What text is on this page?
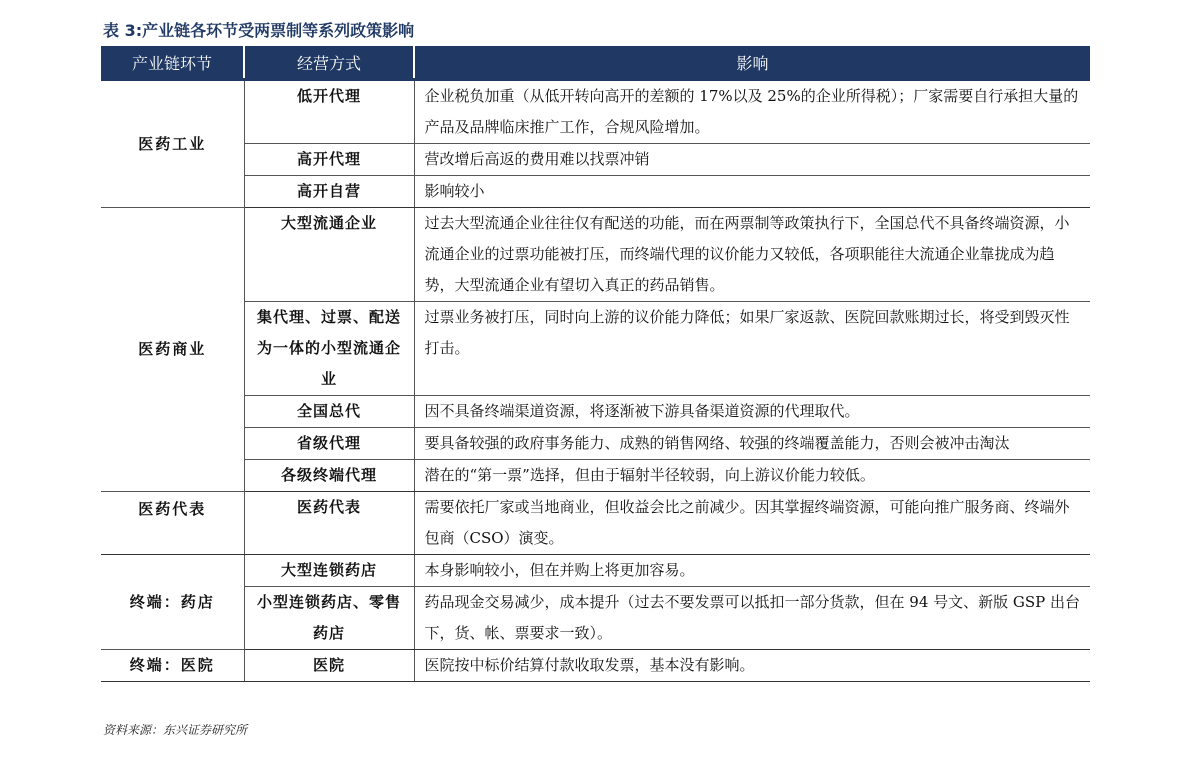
表 3:产业链各环节受两票制等系列政策影响
产业链环节	经营方式	影响
医药工业	低开代理	企业税负加重（从低开转向高开的差额的 17%以及 25%的企业所得税）；厂家需要自行承担大量的产品及品牌临床推广工作，合规风险增加。
	高开代理	营改增后高返的费用难以找票冲销
	高开自营	影响较小
医药商业	大型流通企业	过去大型流通企业往往仅有配送的功能，而在两票制等政策执行下，全国总代不具备终端资源，小流通企业的过票功能被打压，而终端代理的议价能力又较低，各项职能往大流通企业靠拢成为趋势，大型流通企业有望切入真正的药品销售。
	集代理、过票、配送为一体的小型流通企业	过票业务被打压，同时向上游的议价能力降低；如果厂家返款、医院回款账期过长，将受到毁灭性打击。
	全国总代	因不具备终端渠道资源，将逐渐被下游具备渠道资源的代理取代。
	省级代理	要具备较强的政府事务能力、成熟的销售网络、较强的终端覆盖能力，否则会被冲击淘汰
	各级终端代理	潜在的“第一票”选择，但由于辐射半径较弱，向上游议价能力较低。
医药代表	医药代表	需要依托厂家或当地商业，但收益会比之前减少。因其掌握终端资源，可能向推广服务商、终端外包商（CSO）演变。
终端：药店	大型连锁药店	本身影响较小，但在并购上将更加容易。
	小型连锁药店、零售药店	药品现金交易减少，成本提升（过去不要发票可以抵扣一部分货款，但在 94 号文、新版 GSP 出台下，货、帐、票要求一致）。
终端：医院	医院	医院按中标价结算付款收取发票，基本没有影响。
资料来源：东兴证券研究所
